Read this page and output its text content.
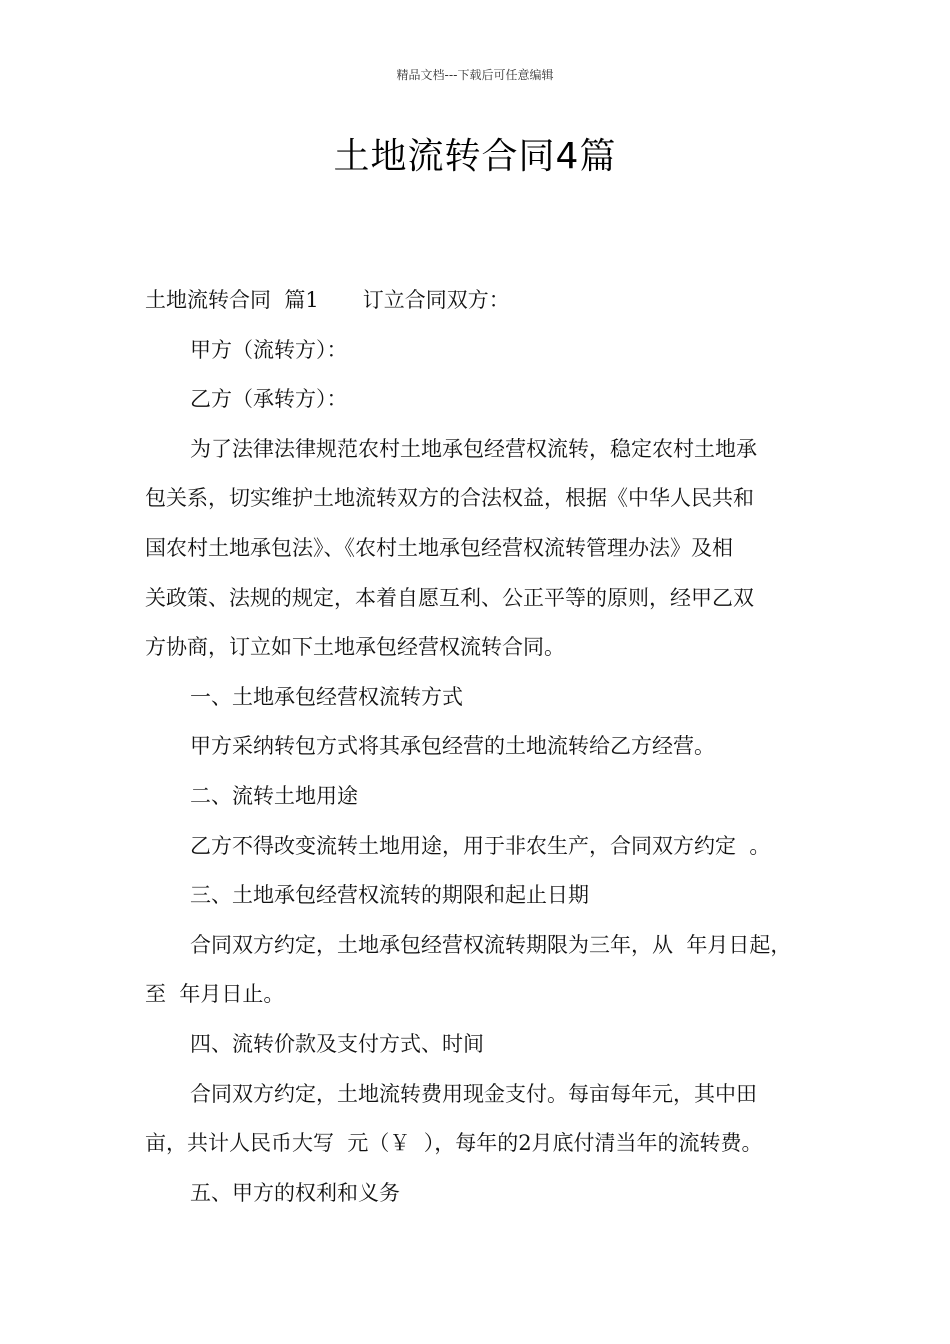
精品文档---下载后可任意编辑
土地流转合同4篇
土地流转合同  篇1 订立合同双方：
甲方（流转方）：
乙方（承转方）：
为了法律法律规范农村土地承包经营权流转，稳定农村土地承
包关系，切实维护土地流转双方的合法权益，根据《中华人民共和
国农村土地承包法》、《农村土地承包经营权流转管理办法》及相
关政策、法规的规定，本着自愿互利、公正平等的原则，经甲乙双
方协商，订立如下土地承包经营权流转合同。
一、土地承包经营权流转方式
甲方采纳转包方式将其承包经营的土地流转给乙方经营。
二、流转土地用途
乙方不得改变流转土地用途，用于非农生产，合同双方约定  。
三、土地承包经营权流转的期限和起止日期
合同双方约定，土地承包经营权流转期限为三年，从  年月日起，
至  年月日止。
四、流转价款及支付方式、时间
合同双方约定，土地流转费用现金支付。每亩每年元，其中田
亩，共计人民币大写  元（￥  ），每年的2月底付清当年的流转费。
五、甲方的权利和义务
